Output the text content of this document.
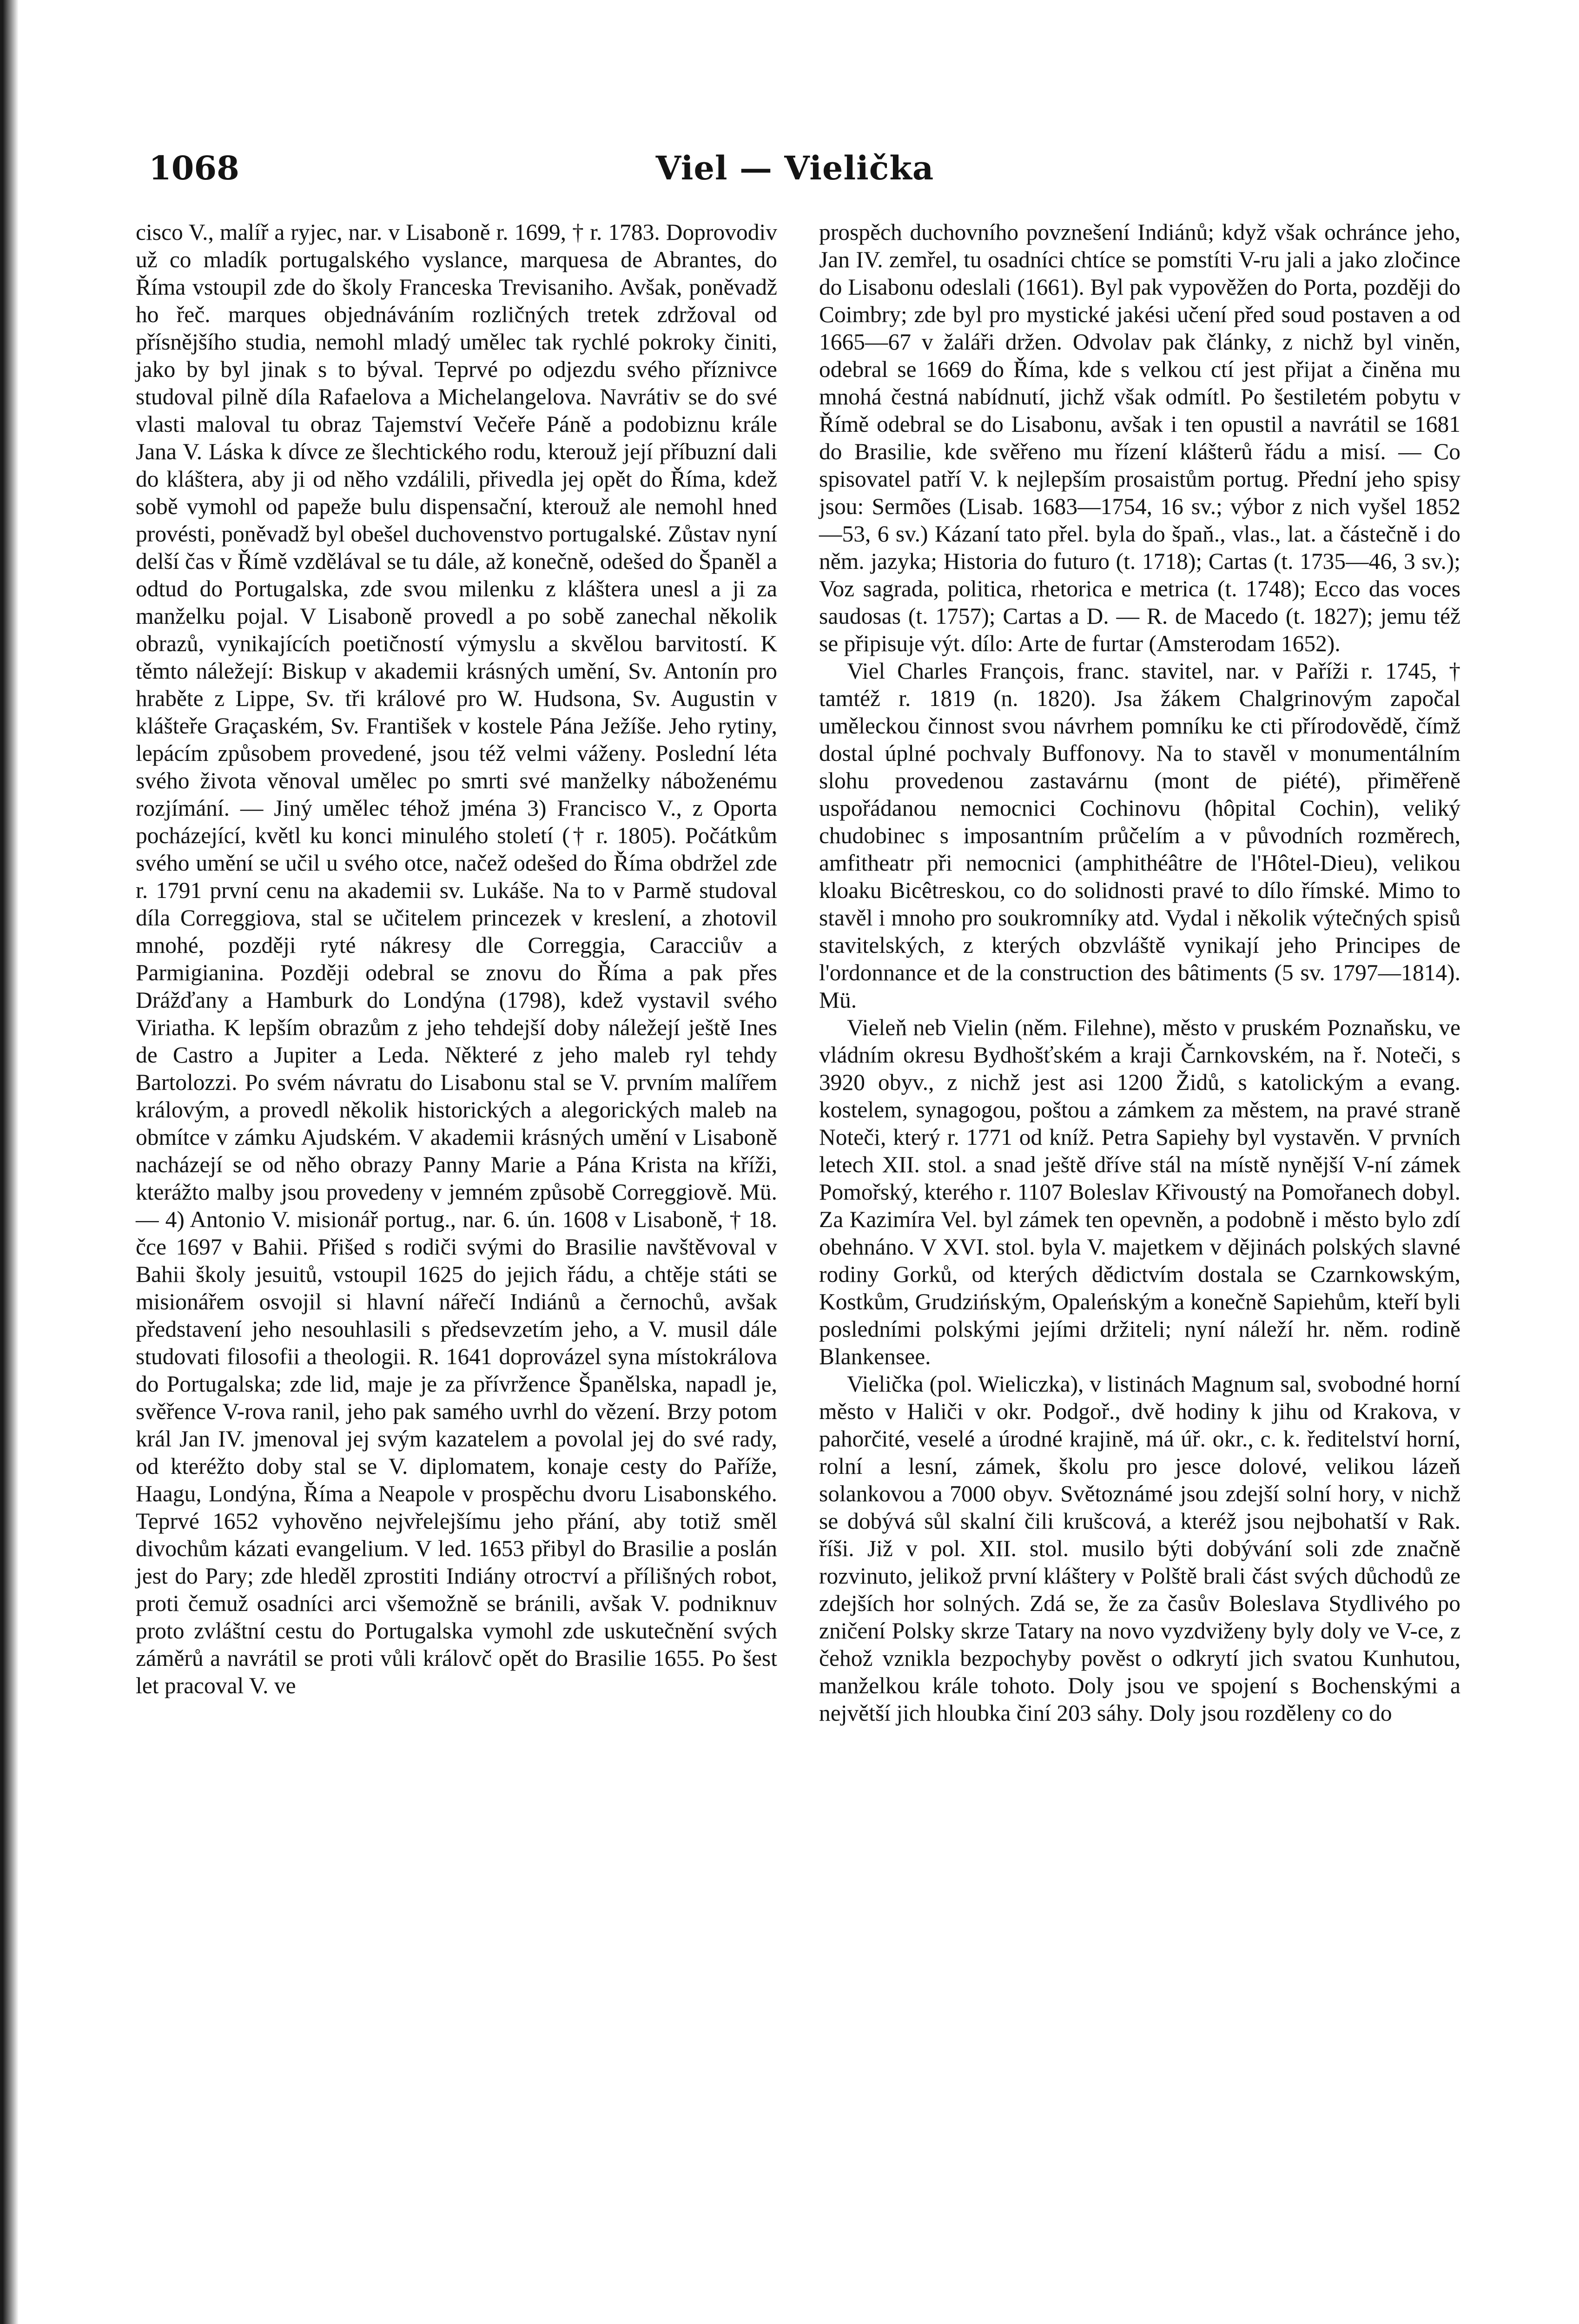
1068	Viel — Vielička

cisco V., malíř a ryjec, nar. v Lisaboně r. 1699, † r. 1783. Doprovodiv už co mladík portugalského vyslance, marquesa de Abrantes, do Říma vstoupil zde do školy Franceska Trevisaniho. Avšak, poněvadž ho řeč. marques objednáváním rozličných tretek zdržoval od přísnějšího studia, nemohl mladý umělec tak rychlé pokroky činiti, jako by byl jinak s to býval. Teprvé po odjezdu svého příznivce studoval pilně díla Rafaelova a Michelangelova. Navrátiv se do své vlasti maloval tu obraz Tajemství Večeře Páně a podobiznu krále Jana V. Láska k dívce ze šlechtického rodu, kterouž její příbuzní dali do kláštera, aby ji od něho vzdálili, přivedla jej opět do Říma, kdež sobě vymohl od papeže bulu dispensační, kterouž ale nemohl hned provésti, poněvadž byl obešel duchovenstvo portugalské. Zůstav nyní delší čas v Římě vzdělával se tu dále, až konečně, odešed do Španěl a odtud do Portugalska, zde svou milenku z kláštera unesl a ji za manželku pojal. V Lisaboně provedl a po sobě zanechal několik obrazů, vynikajících poetičností výmyslu a skvělou barvitostí. K těmto náležejí: Biskup v akademii krásných umění, Sv. Antonín pro hraběte z Lippe, Sv. tři králové pro W. Hudsona, Sv. Augustin v klášteře Graçaském, Sv. František v kostele Pána Ježíše. Jeho rytiny, lepácím způsobem provedené, jsou též velmi váženy. Poslední léta svého života věnoval umělec po smrti své manželky náboženému rozjímání. — Jiný umělec téhož jména 3) Francisco V., z Oporta pocházející, květl ku konci minulého století († r. 1805). Počátkům svého umění se učil u svého otce, načež odešed do Říma obdržel zde r. 1791 první cenu na akademii sv. Lukáše. Na to v Parmě studoval díla Correggiova, stal se učitelem princezek v kreslení, a zhotovil mnohé, později ryté nákresy dle Correggia, Caracciův a Parmigianina. Později odebral se znovu do Říma a pak přes Drážďany a Hamburk do Londýna (1798), kdež vystavil svého Viriatha. K lepším obrazům z jeho tehdejší doby náležejí ještě Ines de Castro a Jupiter a Leda. Některé z jeho maleb ryl tehdy Bartolozzi. Po svém návratu do Lisabonu stal se V. prvním malířem královým, a provedl několik historických a alegorických maleb na obmítce v zámku Ajudském. V akademii krásných umění v Lisaboně nacházejí se od něho obrazy Panny Marie a Pána Krista na kříži, kterážto malby jsou provedeny v jemném způsobě Correggiově. Mü. — 4) Antonio V. misionář portug., nar. 6. ún. 1608 v Lisaboně, † 18. čce 1697 v Bahii. Přišed s rodiči svými do Brasilie navštěvoval v Bahii školy jesuitů, vstoupil 1625 do jejich řádu, a chtěje státi se misionářem osvojil si hlavní nářečí Indiánů a černochů, avšak představení jeho nesouhlasili s předsevzetím jeho, a V. musil dále studovati filosofii a theologii. R. 1641 doprovázel syna místokrálova do Portugalska; zde lid, maje je za přívržence Španělska, napadl je, svěřence V-rova ranil, jeho pak samého uvrhl do vězení. Brzy potom král Jan IV. jmenoval jej svým kazatelem a povolal jej do své rady, od kteréžto doby stal se V. diplomatem, konaje cesty do Paříže, Haagu, Londýna, Říma a Neapole v prospěchu dvoru Lisabonského. Teprvé 1652 vyhověno nejvřelejšímu jeho přání, aby totiž směl divochům kázati evangelium. V led. 1653 přibyl do Brasilie a poslán jest do Pary; zde hleděl zprostiti Indiány otrocтví a přílišných robot, proti čemuž osadníci arci všemožně se bránili, avšak V. podniknuv proto zvláštní cestu do Portugalska vymohl zde uskutečnění svých záměrů a navrátil se proti vůli královč opět do Brasilie 1655. Po šest let pracoval V. ve

prospěch duchovního povznešení Indiánů; když však ochránce jeho, Jan IV. zemřel, tu osadníci chtíce se pomstíti V-ru jali a jako zločince do Lisabonu odeslali (1661). Byl pak vypověžen do Porta, později do Coimbry; zde byl pro mystické jakési učení před soud postaven a od 1665—67 v žaláři držen. Odvolav pak články, z nichž byl viněn, odebral se 1669 do Říma, kde s velkou ctí jest přijat a činěna mu mnohá čestná nabídnutí, jichž však odmítl. Po šestiletém pobytu v Římě odebral se do Lisabonu, avšak i ten opustil a navrátil se 1681 do Brasilie, kde svěřeno mu řízení klášterů řádu a misí. — Co spisovatel patří V. k nejlepším prosaistům portug. Přední jeho spisy jsou: Sermões (Lisab. 1683—1754, 16 sv.; výbor z nich vyšel 1852—53, 6 sv.) Kázaní tato přel. byla do špaň., vlas., lat. a částečně i do něm. jazyka; Historia do futuro (t. 1718); Cartas (t. 1735—46, 3 sv.); Voz sagrada, politica, rhetorica e metrica (t. 1748); Ecco das voces saudosas (t. 1757); Cartas a D. — R. de Macedo (t. 1827); jemu též se připisuje výt. dílo: Arte de furtar (Amsterodam 1652).

Viel Charles François, franc. stavitel, nar. v Paříži r. 1745, † tamtéž r. 1819 (n. 1820). Jsa žákem Chalgrinovým započal uměleckou činnost svou návrhem pomníku ke cti přírodovědě, čímž dostal úplné pochvaly Buffonovy. Na to stavěl v monumentálním slohu provedenou zastavárnu (mont de piété), přiměřeně uspořádanou nemocnici Cochinovu (hôpital Cochin), veliký chudobinec s imposantním průčelím a v původních rozměrech, amfitheatr při nemocnici (amphithéâtre de l'Hôtel-Dieu), velikou kloaku Bicêtreskou, co do solidnosti pravé to dílo římské. Mimo to stavěl i mnoho pro soukromníky atd. Vydal i několik výtečných spisů stavitelských, z kterých obzvláště vynikají jeho Principes de l'ordonnance et de la construction des bâtiments (5 sv. 1797—1814). Mü.

Vieleň neb Vielin (něm. Filehne), město v pruském Poznaňsku, ve vládním okresu Bydhošťském a kraji Čarnkovském, na ř. Noteči, s 3920 obyv., z nichž jest asi 1200 Židů, s katolickým a evang. kostelem, synagogou, poštou a zámkem za městem, na pravé straně Noteči, který r. 1771 od kníž. Petra Sapiehy byl vystavěn. V prvních letech XII. stol. a snad ještě dříve stál na místě nynější V-ní zámek Pomořský, kterého r. 1107 Boleslav Křivoustý na Pomořanech dobyl. Za Kazimíra Vel. byl zámek ten opevněn, a podobně i město bylo zdí obehnáno. V XVI. stol. byla V. majetkem v dějinách polských slavné rodiny Gorků, od kterých dědictvím dostala se Czarnkowským, Kostkům, Grudzińským, Opaleńským a konečně Sapiehům, kteří byli posledními polskými jejími držiteli; nyní náleží hr. něm. rodině Blankensee.

Vielička (pol. Wieliczka), v listinách Magnum sal, svobodné horní město v Haliči v okr. Podgoř., dvě hodiny k jihu od Krakova, v pahorčité, veselé a úrodné krajině, má úř. okr., c. k. ředitelství horní, rolní a lesní, zámek, školu pro jesce dolové, velikou lázeň solankovou a 7000 obyv. Světoznámé jsou zdejší solní hory, v nichž se dobývá sůl skalní čili krušcová, a kteréž jsou nejbohatší v Rak. říši. Již v pol. XII. stol. musilo býti dobývání soli zde značně rozvinuto, jelikož první kláštery v Polště brali část svých důchodů ze zdejších hor solných. Zdá se, že za časův Boleslava Stydlivého po zničení Polsky skrze Tatary na novo vyzdviženy byly doly ve V-ce, z čehož vznikla bezpochyby pověst o odkrytí jich svatou Kunhutou, manželkou krále tohoto. Doly jsou ve spojení s Bochenskými a největší jich hloubka činí 203 sáhy. Doly jsou rozděleny co do
